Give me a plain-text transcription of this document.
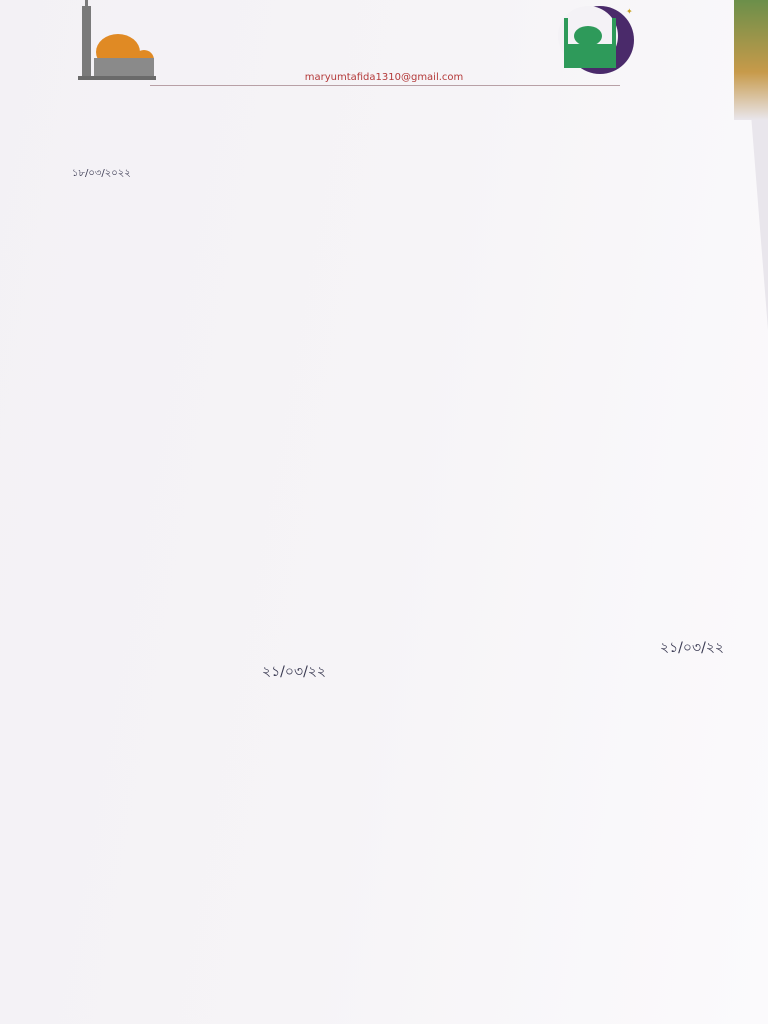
✦
maryumtafida1310@gmail.com
১৮/০৩/২০২২
২১/০৩/২২
২১/০৩/২২
